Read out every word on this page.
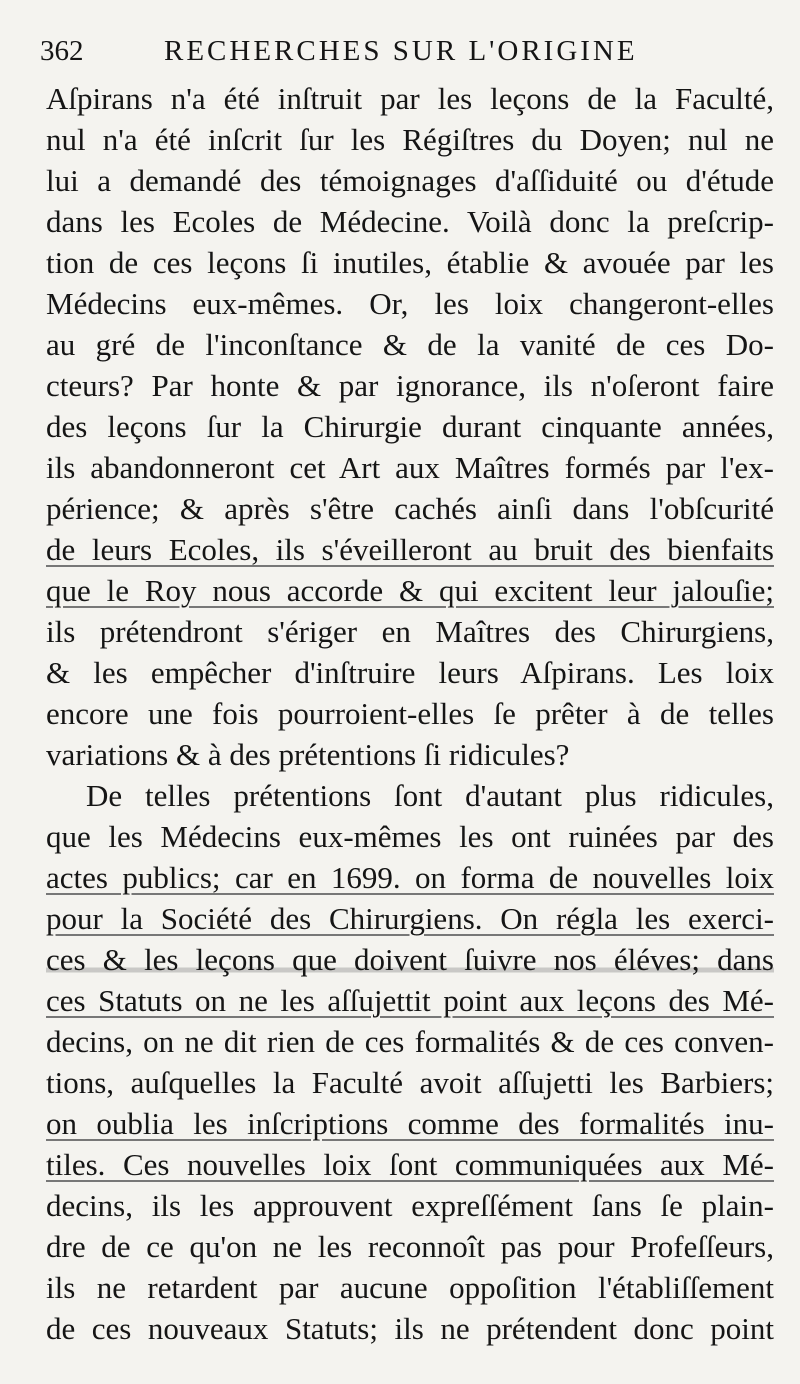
362	RECHERCHES SUR L'ORIGINE
Aſpirans n'a été inſtruit par les leçons de la Faculté,
nul n'a été inſcrit ſur les Régiſtres du Doyen; nul ne
lui a demandé des témoignages d'aſſiduité ou d'étude
dans les Ecoles de Médecine. Voilà donc la preſcrip-
tion de ces leçons ſi inutiles, établie & avouée par les
Médecins eux-mêmes. Or, les loix changeront-elles
au gré de l'inconſtance & de la vanité de ces Do-
cteurs? Par honte & par ignorance, ils n'oſeront faire
des leçons ſur la Chirurgie durant cinquante années,
ils abandonneront cet Art aux Maîtres formés par l'ex-
périence; & après s'être cachés ainſi dans l'obſcurité
de leurs Ecoles, ils s'éveilleront au bruit des bienfaits
que le Roy nous accorde & qui excitent leur jalouſie;
ils prétendront s'ériger en Maîtres des Chirurgiens,
& les empêcher d'inſtruire leurs Aſpirans. Les loix
encore une fois pourroient-elles ſe prêter à de telles
variations & à des prétentions ſi ridicules?
De telles prétentions ſont d'autant plus ridicules,
que les Médecins eux-mêmes les ont ruinées par des
actes publics; car en 1699. on forma de nouvelles loix
pour la Société des Chirurgiens. On régla les exerci-
ces & les leçons que doivent ſuivre nos éléves; dans
ces Statuts on ne les aſſujettit point aux leçons des Mé-
decins, on ne dit rien de ces formalités & de ces conven-
tions, auſquelles la Faculté avoit aſſujetti les Barbiers;
on oublia les inſcriptions comme des formalités inu-
tiles. Ces nouvelles loix ſont communiquées aux Mé-
decins, ils les approuvent expreſſément ſans ſe plain-
dre de ce qu'on ne les reconnoît pas pour Profeſſeurs,
ils ne retardent par aucune oppoſition l'établiſſement
de ces nouveaux Statuts; ils ne prétendent donc point
